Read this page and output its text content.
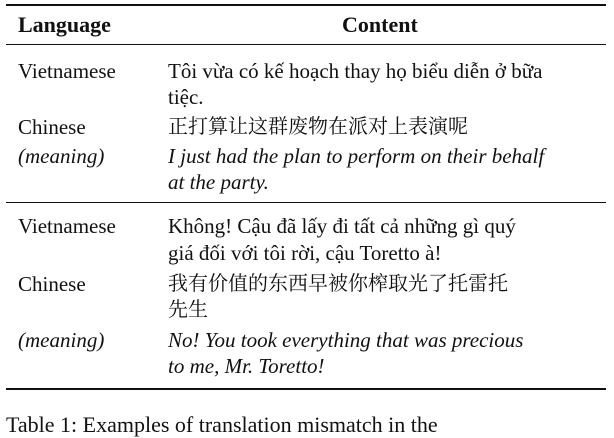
Language	Content
Vietnamese Tôi vừa có kế hoạch thay họ biểu diễn ở bữa
tiệc.
Chinese	正打算让这群废物在派对上表演呢
(meaning)	I just had the plan to perform on their behalf
at the party.
Vietnamese Không! Cậu đã lấy đi tất cả những gì quý
giá đối với tôi rời, cậu Toretto à!
Chinese	我有价值的东西早被你榨取光了托雷托
先生
(meaning)	No! You took everything that was precious
to me, Mr. Toretto!
Table 1: Examples of translation mismatch in the
